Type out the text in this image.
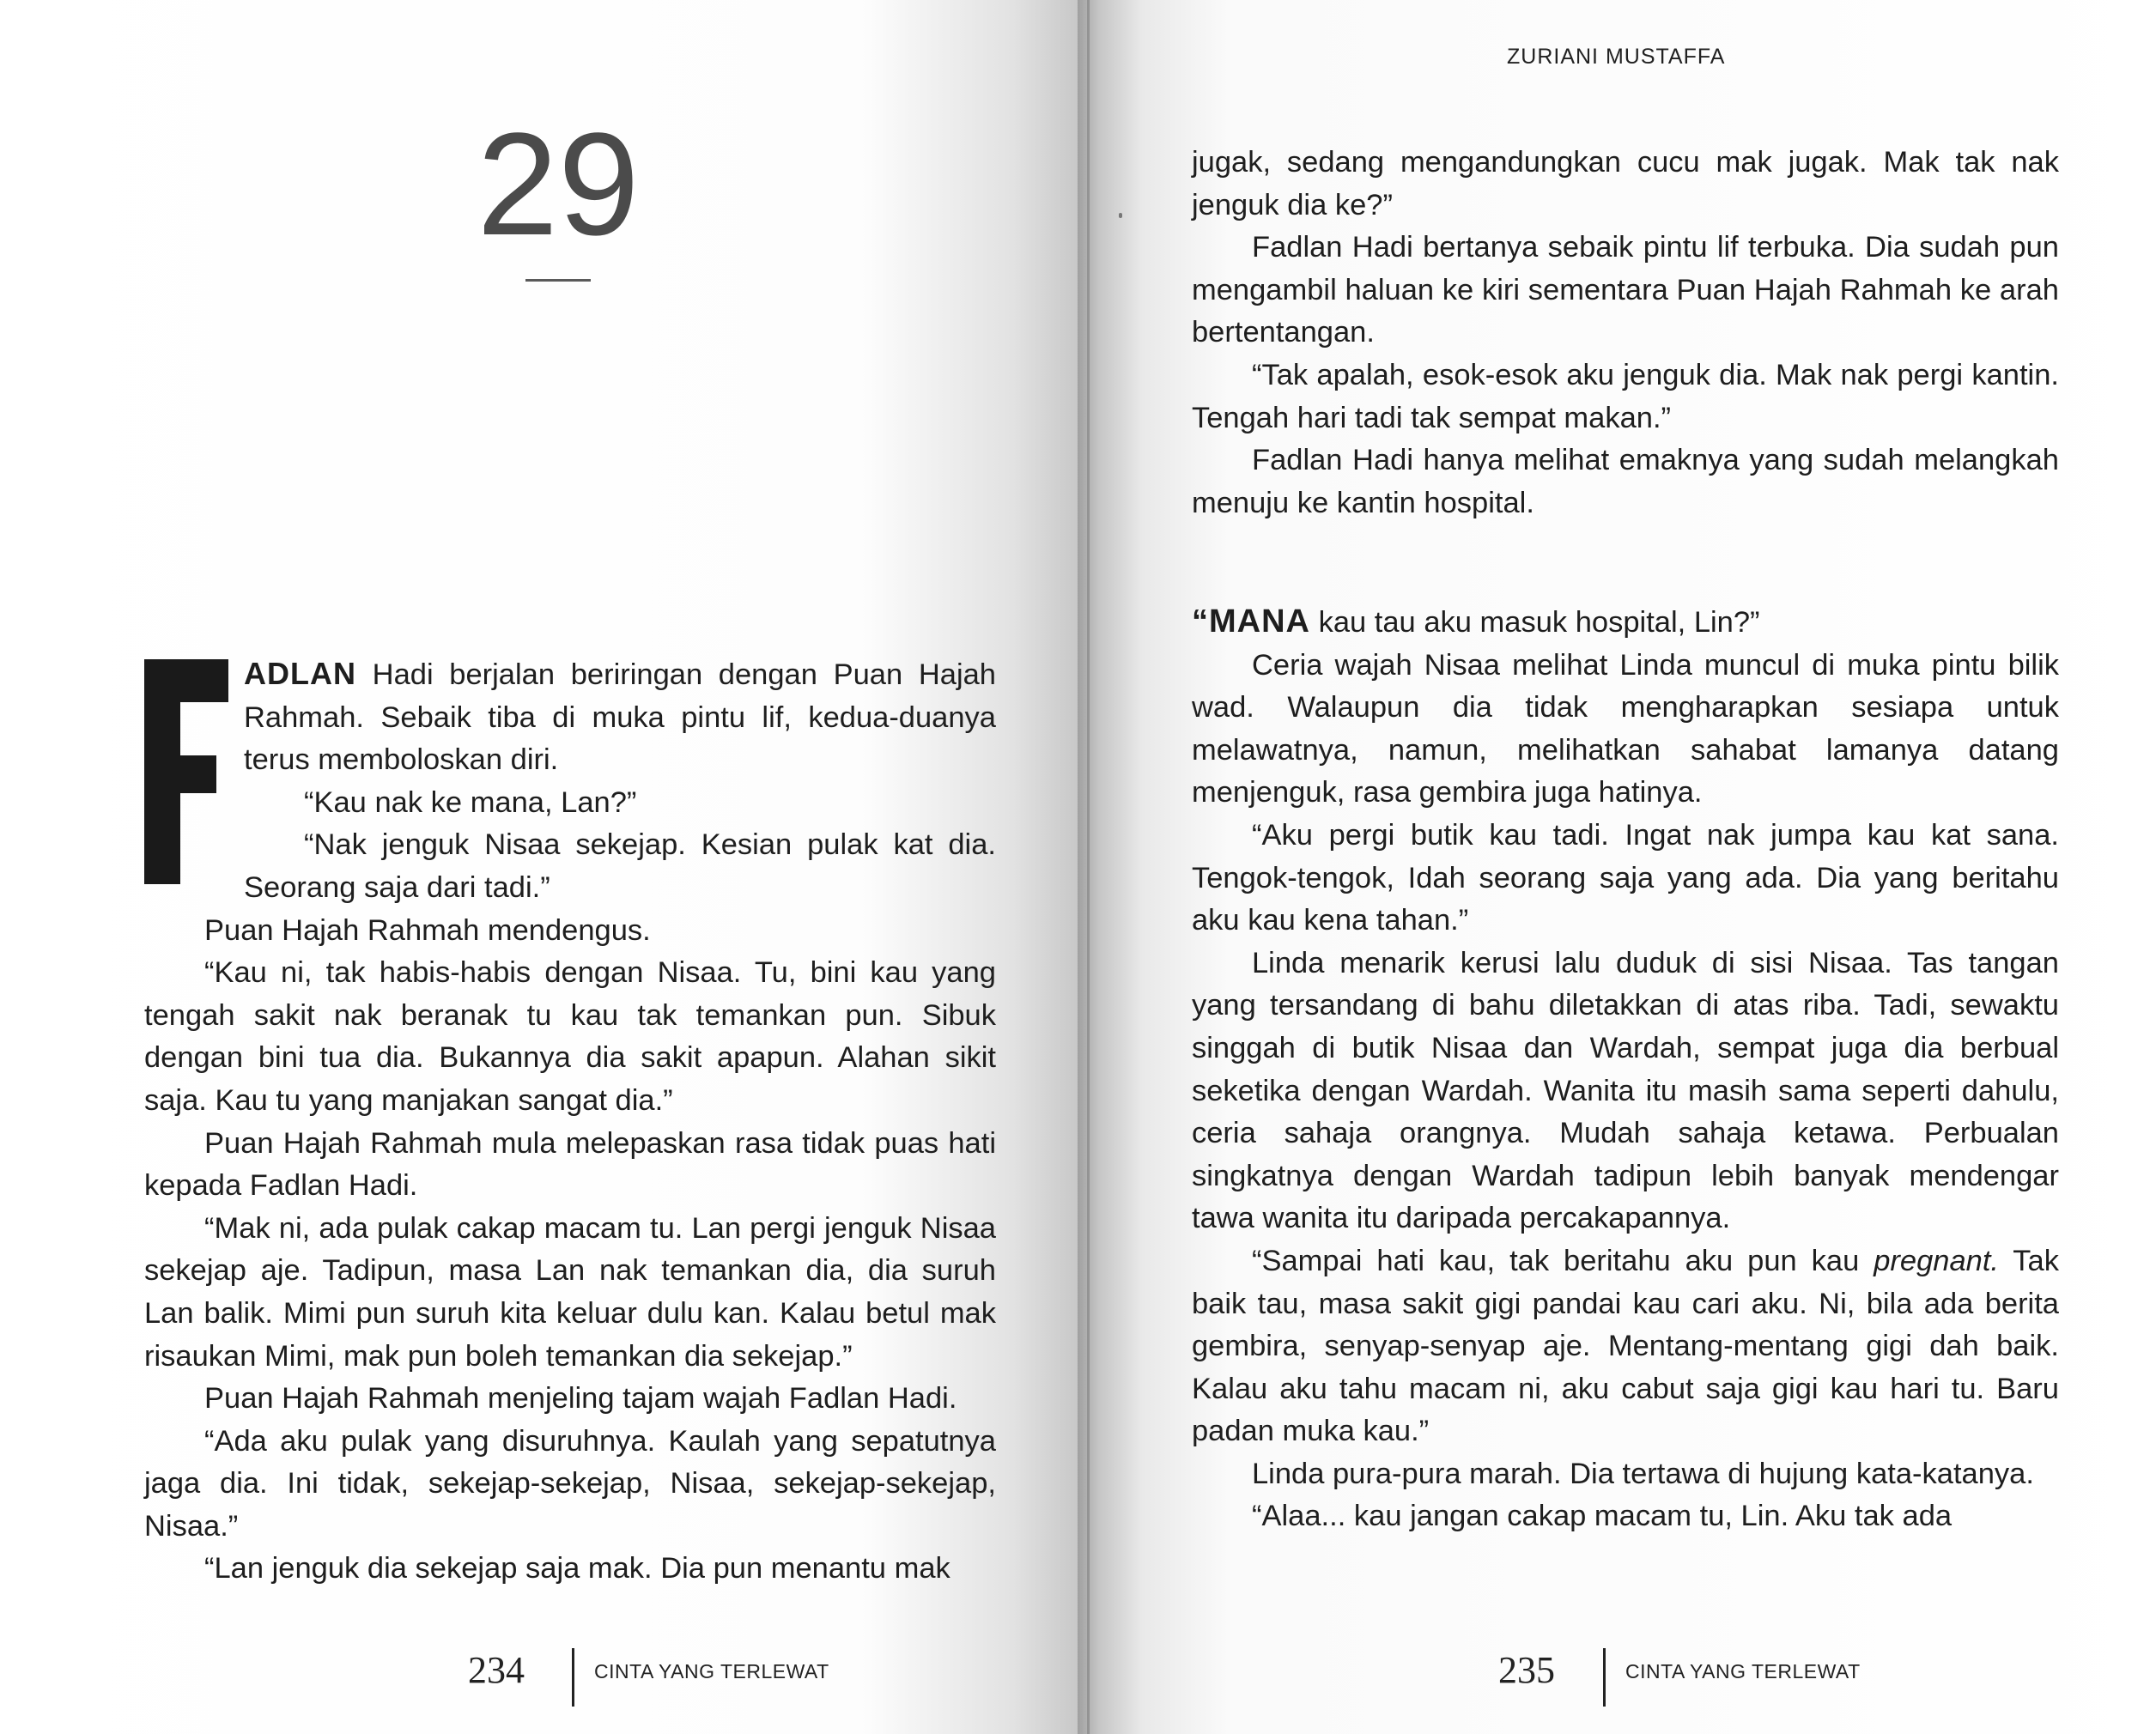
29
F

ADLAN Hadi berjalan beriringan dengan Puan Hajah Rahmah. Sebaik tiba di muka pintu lif, kedua-duanya terus memboloskan diri.

“Kau nak ke mana, Lan?”

“Nak jenguk Nisaa sekejap. Kesian pulak kat dia. Seorang saja dari tadi.”

Puan Hajah Rahmah mendengus.

“Kau ni, tak habis-habis dengan Nisaa. Tu, bini kau yang tengah sakit nak beranak tu kau tak temankan pun. Sibuk dengan bini tua dia. Bukannya dia sakit apapun. Alahan sikit saja. Kau tu yang manjakan sangat dia.”

Puan Hajah Rahmah mula melepaskan rasa tidak puas hati kepada Fadlan Hadi.

“Mak ni, ada pulak cakap macam tu. Lan pergi jenguk Nisaa sekejap aje. Tadipun, masa Lan nak temankan dia, dia suruh Lan balik. Mimi pun suruh kita keluar dulu kan. Kalau betul mak risaukan Mimi, mak pun boleh temankan dia sekejap.”

Puan Hajah Rahmah menjeling tajam wajah Fadlan Hadi.

“Ada aku pulak yang disuruhnya. Kaulah yang sepatutnya jaga dia. Ini tidak, sekejap-sekejap, Nisaa, sekejap-sekejap, Nisaa.”

“Lan jenguk dia sekejap saja mak. Dia pun menantu mak

234	CINTA YANG TERLEWAT
ZURIANI MUSTAFFA
235	CINTA YANG TERLEWAT

jugak, sedang mengandungkan cucu mak jugak. Mak tak nak jenguk dia ke?”

Fadlan Hadi bertanya sebaik pintu lif terbuka. Dia sudah pun mengambil haluan ke kiri sementara Puan Hajah Rahmah ke arah bertentangan.

“Tak apalah, esok-esok aku jenguk dia. Mak nak pergi kantin. Tengah hari tadi tak sempat makan.”

Fadlan Hadi hanya melihat emaknya yang sudah melangkah menuju ke kantin hospital.

“MANA kau tau aku masuk hospital, Lin?”

Ceria wajah Nisaa melihat Linda muncul di muka pintu bilik wad. Walaupun dia tidak mengharapkan sesiapa untuk melawatnya, namun, melihatkan sahabat lamanya datang menjenguk, rasa gembira juga hatinya.

“Aku pergi butik kau tadi. Ingat nak jumpa kau kat sana. Tengok-tengok, Idah seorang saja yang ada. Dia yang beritahu aku kau kena tahan.”

Linda menarik kerusi lalu duduk di sisi Nisaa. Tas tangan yang tersandang di bahu diletakkan di atas riba. Tadi, sewaktu singgah di butik Nisaa dan Wardah, sempat juga dia berbual seketika dengan Wardah. Wanita itu masih sama seperti dahulu, ceria sahaja orangnya. Mudah sahaja ketawa. Perbualan singkatnya dengan Wardah tadipun lebih banyak mendengar tawa wanita itu daripada percakapannya.

“Sampai hati kau, tak beritahu aku pun kau pregnant. Tak baik tau, masa sakit gigi pandai kau cari aku. Ni, bila ada berita gembira, senyap-senyap aje. Mentang-mentang gigi dah baik. Kalau aku tahu macam ni, aku cabut saja gigi kau hari tu. Baru padan muka kau.”

Linda pura-pura marah. Dia tertawa di hujung kata-katanya.

“Alaa... kau jangan cakap macam tu, Lin. Aku tak ada
